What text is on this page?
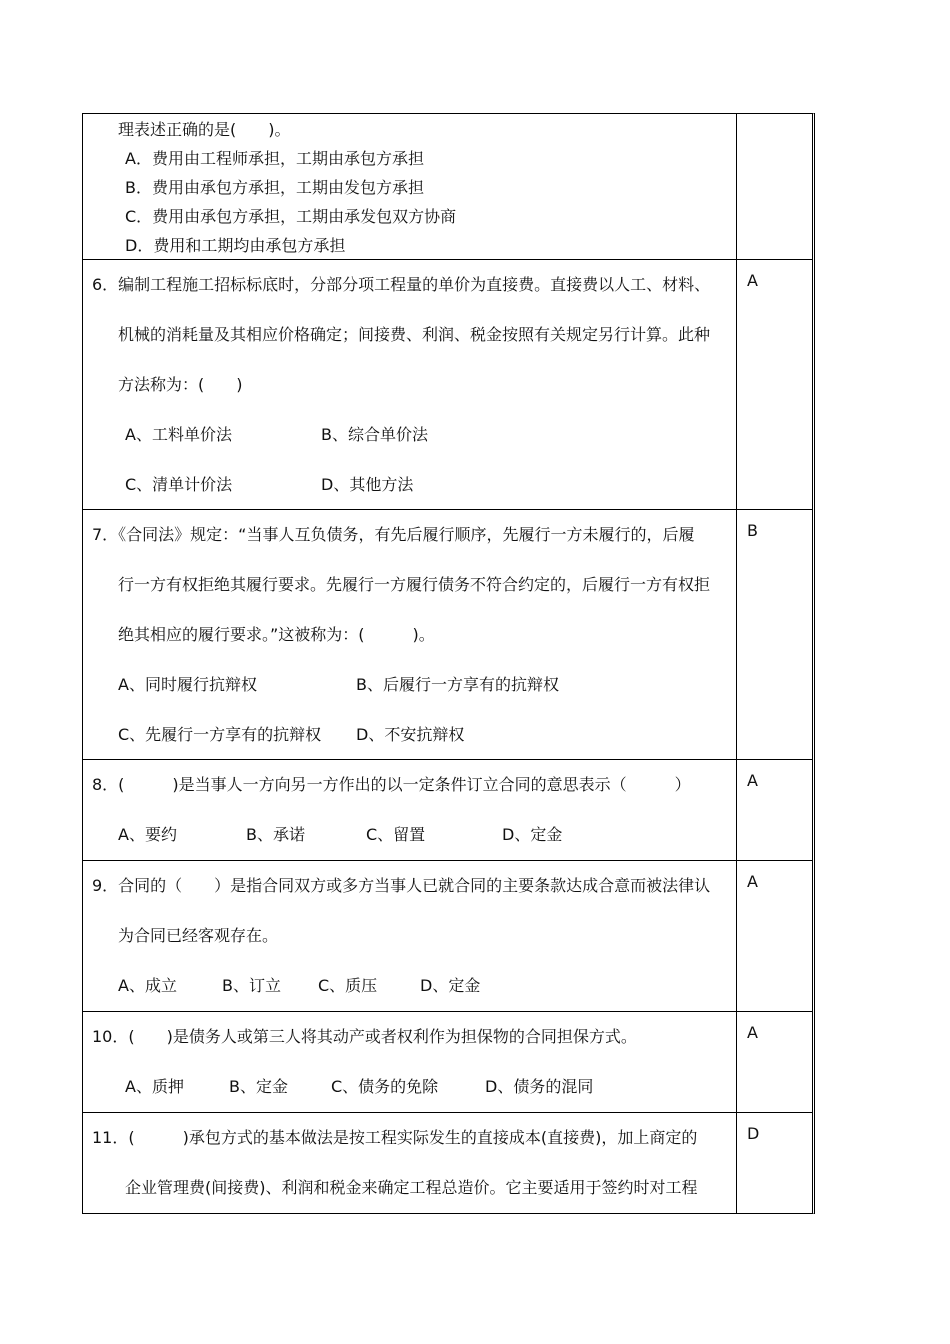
理表述正确的是(　　)。
A．费用由工程师承担，工期由承包方承担
B．费用由承包方承担，工期由发包方承担
C．费用由承包方承担，工期由承发包双方协商
D．费用和工期均由承包方承担
6．编制工程施工招标标底时，分部分项工程量的单价为直接费。直接费以人工、材料、
机械的消耗量及其相应价格确定；间接费、利润、税金按照有关规定另行计算。此种
方法称为：(　　)
A、工料单价法	B、综合单价法
C、清单计价法	D、其他方法
A
7．《合同法》规定：“当事人互负债务，有先后履行顺序，先履行一方未履行的，后履
行一方有权拒绝其履行要求。先履行一方履行债务不符合约定的，后履行一方有权拒
绝其相应的履行要求。”这被称为：(　　　)。
A、同时履行抗辩权	B、后履行一方享有的抗辩权
C、先履行一方享有的抗辩权 D、不安抗辩权
B
8．(　　　)是当事人一方向另一方作出的以一定条件订立合同的意思表示（　　　）
A、要约	B、承诺	C、留置	D、定金
A
9．合同的（　　）是指合同双方或多方当事人已就合同的主要条款达成合意而被法律认
为合同已经客观存在。
A、成立	B、订立 C、质压	D、定金
A
10．(　　)是债务人或第三人将其动产或者权利作为担保物的合同担保方式。
A、质押	B、定金	C、债务的免除	D、债务的混同
A
11．(　　　)承包方式的基本做法是按工程实际发生的直接成本(直接费)，加上商定的
企业管理费(间接费)、利润和税金来确定工程总造价。它主要适用于签约时对工程
D
